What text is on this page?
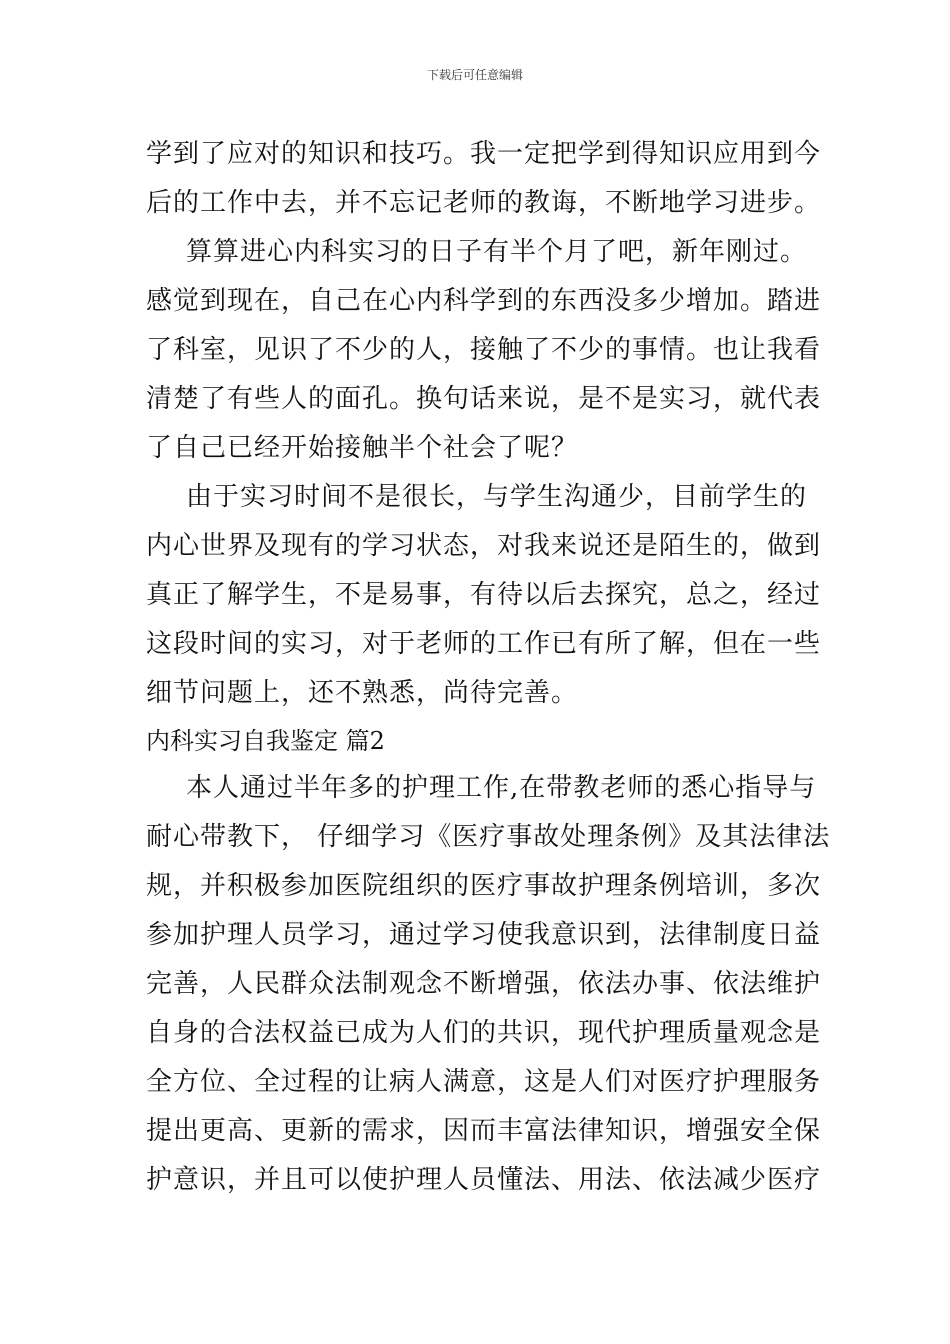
下载后可任意编辑
学到了应对的知识和技巧。我一定把学到得知识应用到今
后的工作中去，并不忘记老师的教诲，不断地学习进步。
算算进心内科实习的日子有半个月了吧，新年刚过。
感觉到现在，自己在心内科学到的东西没多少增加。踏进
了科室，见识了不少的人，接触了不少的事情。也让我看
清楚了有些人的面孔。换句话来说，是不是实习，就代表
了自己已经开始接触半个社会了呢？
由于实习时间不是很长，与学生沟通少，目前学生的
内心世界及现有的学习状态，对我来说还是陌生的，做到
真正了解学生，不是易事，有待以后去探究，总之，经过
这段时间的实习，对于老师的工作已有所了解，但在一些
细节问题上，还不熟悉，尚待完善。
内科实习自我鉴定 篇2
本人通过半年多的护理工作,在带教老师的悉心指导与
耐心带教下， 仔细学习《医疗事故处理条例》及其法律法
规，并积极参加医院组织的医疗事故护理条例培训，多次
参加护理人员学习，通过学习使我意识到，法律制度日益
完善，人民群众法制观念不断增强，依法办事、依法维护
自身的合法权益已成为人们的共识，现代护理质量观念是
全方位、全过程的让病人满意，这是人们对医疗护理服务
提出更高、更新的需求，因而丰富法律知识，增强安全保
护意识，并且可以使护理人员懂法、用法、依法减少医疗
